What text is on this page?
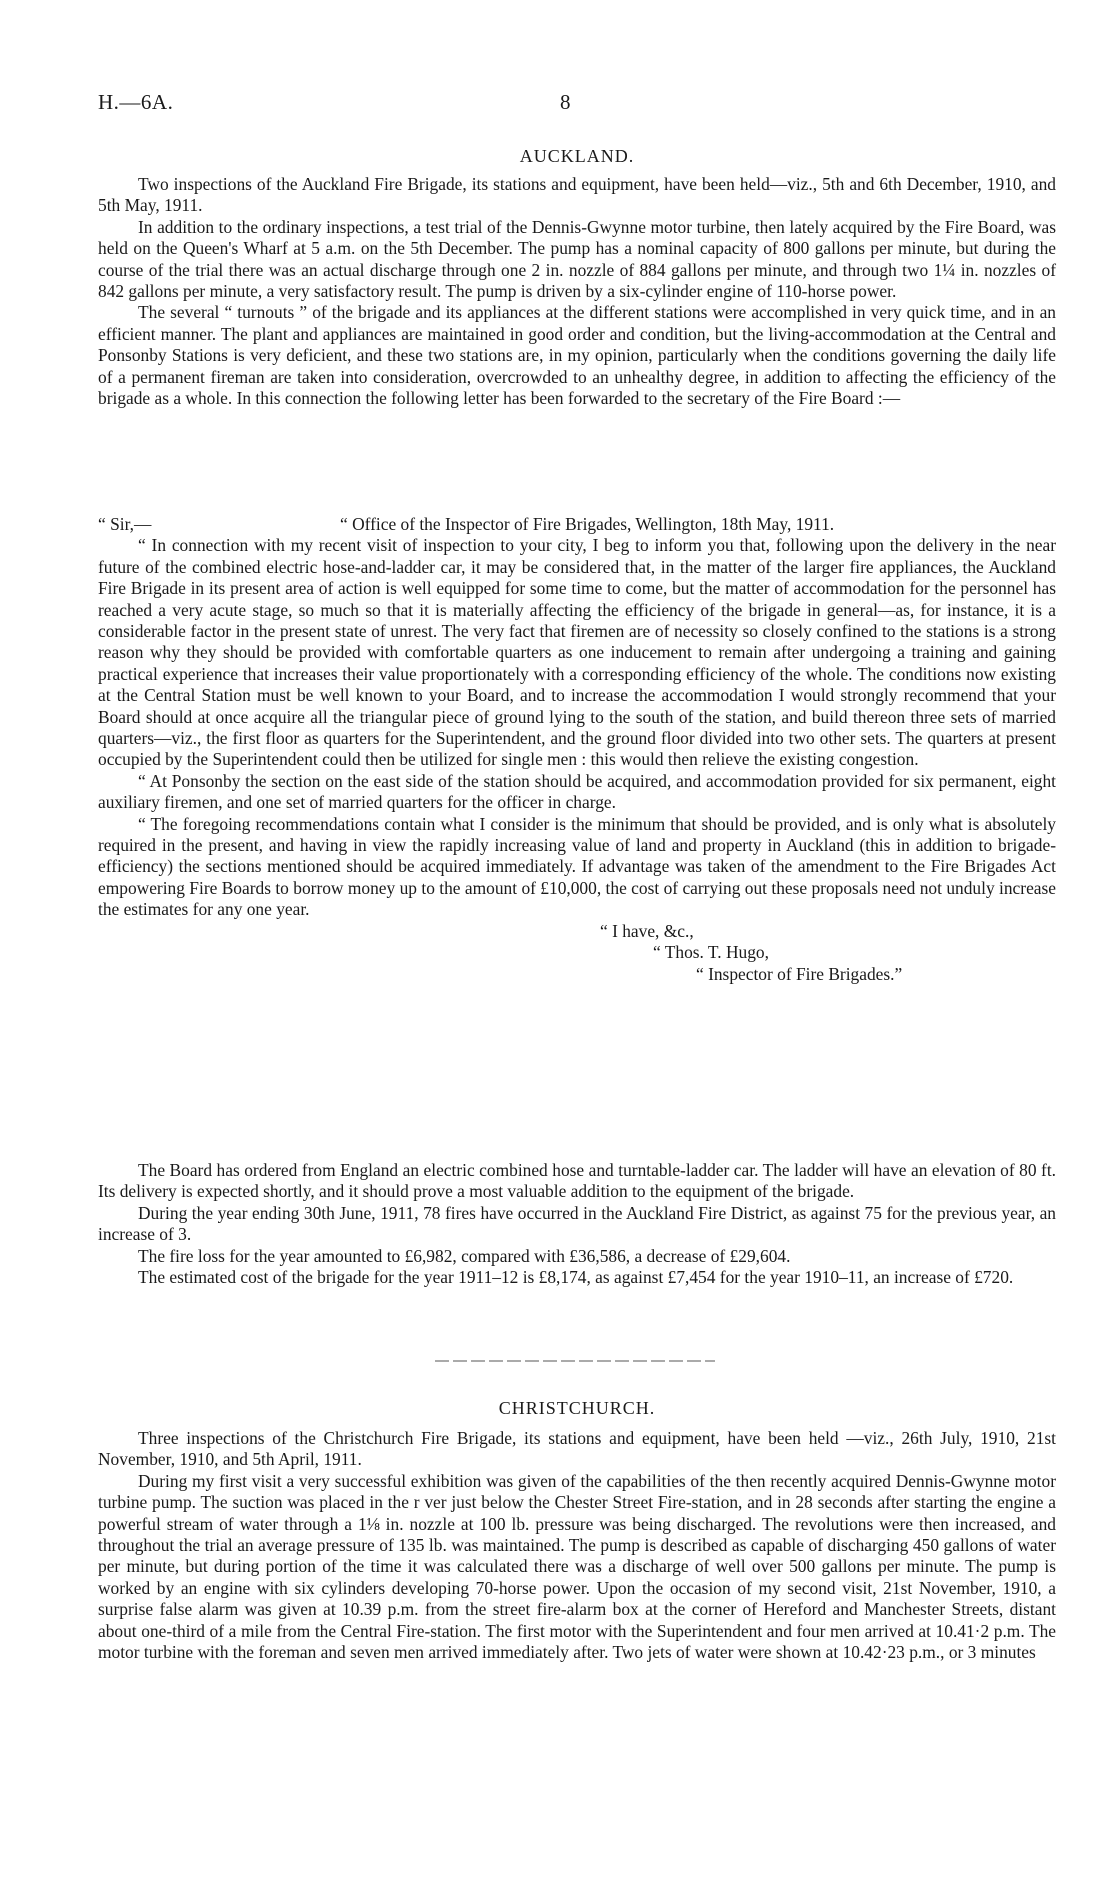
H.—6A.	8
AUCKLAND.

Two inspections of the Auckland Fire Brigade, its stations and equipment, have been held—viz., 5th and 6th December, 1910, and 5th May, 1911.

In addition to the ordinary inspections, a test trial of the Dennis-Gwynne motor turbine, then lately acquired by the Fire Board, was held on the Queen's Wharf at 5 a.m. on the 5th December. The pump has a nominal capacity of 800 gallons per minute, but during the course of the trial there was an actual discharge through one 2 in. nozzle of 884 gallons per minute, and through two 1¼ in. nozzles of 842 gallons per minute, a very satisfactory result. The pump is driven by a six-cylinder engine of 110-horse power.

The several “ turnouts ” of the brigade and its appliances at the different stations were accomplished in very quick time, and in an efficient manner. The plant and appliances are maintained in good order and condition, but the living-accommodation at the Central and Ponsonby Stations is very deficient, and these two stations are, in my opinion, particularly when the conditions governing the daily life of a permanent fireman are taken into consideration, overcrowded to an unhealthy degree, in addition to affecting the efficiency of the brigade as a whole. In this connection the following letter has been forwarded to the secretary of the Fire Board :—

“ Sir,—	“ Office of the Inspector of Fire Brigades, Wellington, 18th May, 1911.

“ In connection with my recent visit of inspection to your city, I beg to inform you that, following upon the delivery in the near future of the combined electric hose-and-ladder car, it may be considered that, in the matter of the larger fire appliances, the Auckland Fire Brigade in its present area of action is well equipped for some time to come, but the matter of accommodation for the personnel has reached a very acute stage, so much so that it is materially affecting the efficiency of the brigade in general—as, for instance, it is a considerable factor in the present state of unrest. The very fact that firemen are of necessity so closely confined to the stations is a strong reason why they should be provided with comfortable quarters as one inducement to remain after undergoing a training and gaining practical experience that increases their value proportionately with a corresponding efficiency of the whole. The conditions now existing at the Central Station must be well known to your Board, and to increase the accommodation I would strongly recommend that your Board should at once acquire all the triangular piece of ground lying to the south of the station, and build thereon three sets of married quarters—viz., the first floor as quarters for the Superintendent, and the ground floor divided into two other sets. The quarters at present occupied by the Superintendent could then be utilized for single men : this would then relieve the existing congestion.

“ At Ponsonby the section on the east side of the station should be acquired, and accommodation provided for six permanent, eight auxiliary firemen, and one set of married quarters for the officer in charge.

“ The foregoing recommendations contain what I consider is the minimum that should be provided, and is only what is absolutely required in the present, and having in view the rapidly increasing value of land and property in Auckland (this in addition to brigade-efficiency) the sections mentioned should be acquired immediately. If advantage was taken of the amendment to the Fire Brigades Act empowering Fire Boards to borrow money up to the amount of £10,000, the cost of carrying out these proposals need not unduly increase the estimates for any one year.

“ I have, &c.,

“ Thos. T. Hugo,

“ Inspector of Fire Brigades.”

The Board has ordered from England an electric combined hose and turntable-ladder car. The ladder will have an elevation of 80 ft. Its delivery is expected shortly, and it should prove a most valuable addition to the equipment of the brigade.

During the year ending 30th June, 1911, 78 fires have occurred in the Auckland Fire District, as against 75 for the previous year, an increase of 3.

The fire loss for the year amounted to £6,982, compared with £36,586, a decrease of £29,604.

The estimated cost of the brigade for the year 1911–12 is £8,174, as against £7,454 for the year 1910–11, an increase of £720.

CHRISTCHURCH.

Three inspections of the Christchurch Fire Brigade, its stations and equipment, have been held —viz., 26th July, 1910, 21st November, 1910, and 5th April, 1911.

During my first visit a very successful exhibition was given of the capabilities of the then recently acquired Dennis-Gwynne motor turbine pump. The suction was placed in the r ver just below the Chester Street Fire-station, and in 28 seconds after starting the engine a powerful stream of water through a 1⅛ in. nozzle at 100 lb. pressure was being discharged. The revolutions were then increased, and throughout the trial an average pressure of 135 lb. was maintained. The pump is described as capable of discharging 450 gallons of water per minute, but during portion of the time it was calculated there was a discharge of well over 500 gallons per minute. The pump is worked by an engine with six cylinders developing 70-horse power. Upon the occasion of my second visit, 21st November, 1910, a surprise false alarm was given at 10.39 p.m. from the street fire-alarm box at the corner of Hereford and Manchester Streets, distant about one-third of a mile from the Central Fire-station. The first motor with the Superintendent and four men arrived at 10.41·2 p.m. The motor turbine with the foreman and seven men arrived immediately after. Two jets of water were shown at 10.42·23 p.m., or 3 minutes
